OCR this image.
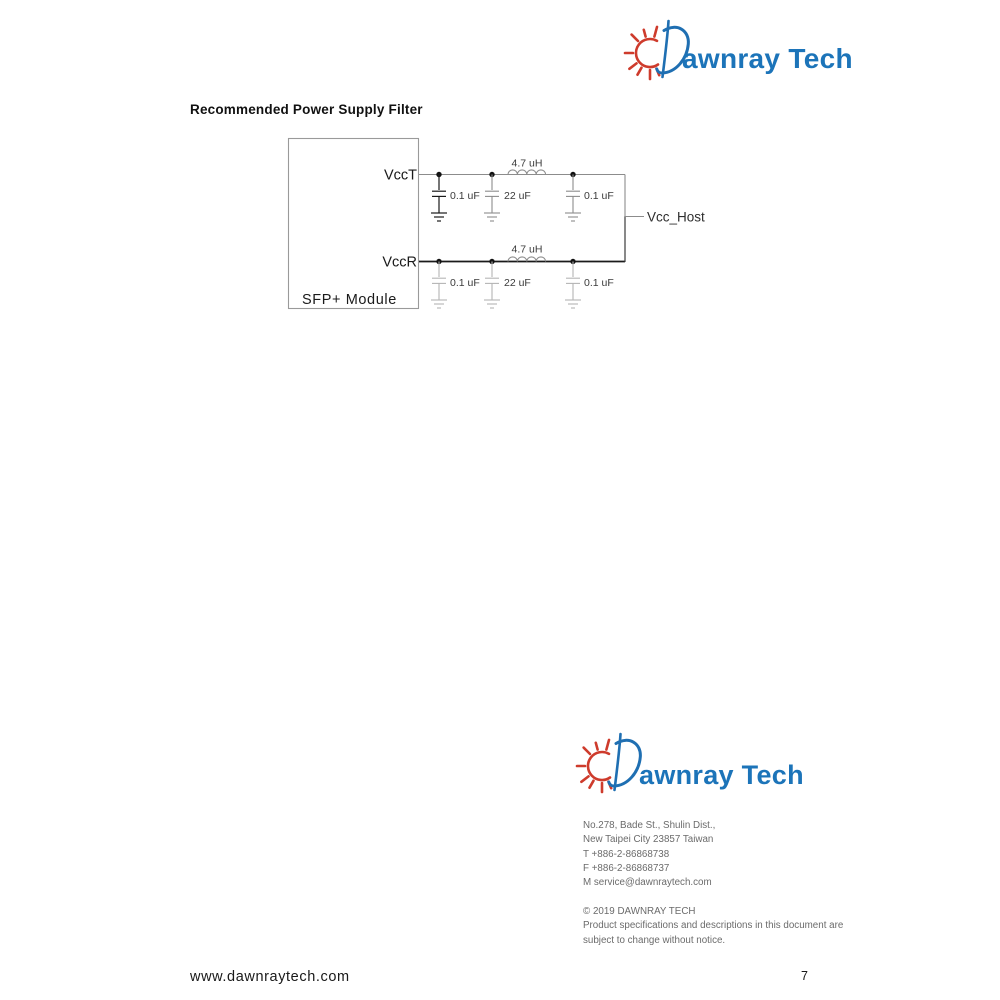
awnray Tech
Recommended Power Supply Filter
VccT
VccR
SFP+ Module
4.7 uH
4.7 uH
Vcc_Host
0.1 uF 22 uF	0.1 uF
0.1 uF 22 uF	0.1 uF
awnray Tech
No.278, Bade St., Shulin Dist.,
New Taipei City 23857 Taiwan
T +886-2-86868738
F +886-2-86868737
M service@dawnraytech.com
© 2019 DAWNRAY TECH
Product specifications and descriptions in this document are
subject to change without notice.
www.dawnraytech.com	7
